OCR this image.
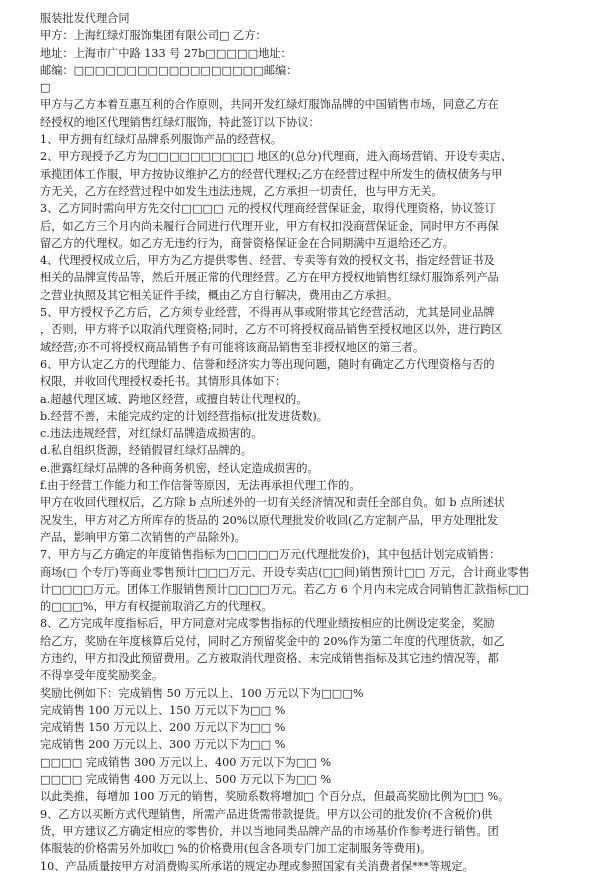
服装批发代理合同
甲方：上海红绿灯服饰集团有限公司□ 乙方：
地址：上海市广中路 133 号 27b□□□□□地址：
邮编：□□□□□□□□□□□□□□□□□□邮编：
□
甲方与乙方本着互惠互利的合作原则，共同开发红绿灯服饰品牌的中国销售市场，同意乙方在
经授权的地区代理销售红绿灯服饰，特此签订以下协议：
1、甲方拥有红绿灯品牌系列服饰产品的经营权。
2、甲方现授予乙方为□□□□□□□□□□ 地区的(总分)代理商，进入商场营销、开设专卖店、
承揽团体工作服，甲方按协议维护乙方的经营代理权;乙方在经营过程中所发生的债权债务与甲
方无关，乙方在经营过程中如发生违法违规，乙方承担一切责任，也与甲方无关。
3、乙方同时需向甲方先交付□□□□ 元的授权代理商经营保证金，取得代理资格，协议签订
后，如乙方三个月内尚未履行合同进行代理开业，甲方有权扣没商营保证金，同时甲方不再保
留乙方的代理权。如乙方无违约行为，商誉资格保证金在合同期满中互退给还乙方。
4、代理授权成立后，甲方为乙方提供零售、经营、专卖等有效的授权文书，指定经营证书及
相关的品牌宣传品等，然后开展正常的代理经营。乙方在甲方授权地销售红绿灯服饰系列产品
之营业执照及其它相关证件手续，概由乙方自行解决，费用由乙方承担。
5、甲方授权予乙方后，乙方须专业经营，不得再从事或附带其它经营活动，尤其是同业品牌
，否则，甲方将予以取消代理资格;同时，乙方不可将授权商品销售至授权地区以外，进行跨区
域经营;亦不可将授权商品销售予有可能将该商品销售至非授权地区的第三者。
6、甲方认定乙方的代理能力、信誉和经济实力等出现问题，随时有确定乙方代理资格与否的
权限，并收回代理授权委托书。其情形具体如下：
a.超越代理区域、跨地区经营，或擅自转让代理权的。
b.经营不善，未能完成约定的计划经营指标(批发进货数)。
c.违法违规经营，对红绿灯品牌造成损害的。
d.私自组织货源，经销假冒红绿灯品牌的。
e.泄露红绿灯品牌的各种商务机密，经认定造成损害的。
f.由于经营工作能力和工作信誉等原因，无法再承担代理工作的。
甲方在收回代理权后，乙方除 b 点所述外的一切有关经济情况和责任全部自负。如 b 点所述状
况发生，甲方对乙方所库存的货品的 20%以原代理批发价收回(乙方定制产品，甲方处理批发
产品，影响甲方第二次销售的产品除外)。
7、甲方与乙方确定的年度销售指标为□□□□□万元(代理批发价)，其中包括计划完成销售：
商场(□ 个专厅)等商业零售预计□□□万元、开设专卖店(□□间)销售预计□□ 万元，合计商业零售
计□□□□万元。团体工作服销售预计□□□□万元。若乙方 6 个月内未完成合同销售汇款指标□□
的□□□%，甲方有权提前取消乙方的代理权。
8、乙方完成年度指标后，甲方同意对完成零售指标的代理业绩按相应的比例设定奖金，奖励
给乙方，奖励在年度核算后兑付，同时乙方预留奖金中的 20%作为第二年度的代理货款，如乙
方违约，甲方扣没此预留费用。乙方被取消代理资格、未完成销售指标及其它违约情况等，都
不得享受年度奖励奖金。
奖励比例如下：完成销售 50 万元以上、100 万元以下为□□□%
完成销售 100 万元以上、150 万元以下为□□ %
完成销售 150 万元以上、200 万元以下为□□ %
完成销售 200 万元以上、300 万元以下为□□ %
□□□□ 完成销售 300 万元以上、400 万元以下为□□ %
□□□□ 完成销售 400 万元以上、500 万元以下为□□ %
以此类推，每增加 100 万元的销售，奖励系数将增加□ 个百分点，但最高奖励比例为□□ %。
9、乙方以买断方式代理销售，所需产品进货需带款提货。甲方以公司的批发价(不含税价)供
货，甲方建议乙方确定相应的零售价，并以当地同类品牌产品的市场基价作参考进行销售。团
体服装的价格需另外加收□ %的价格费用(包含各项专门加工定制服务等费用)。
10、产品质量按甲方对消费购买所承诺的规定办理或参照国家有关消费者保***等规定。
